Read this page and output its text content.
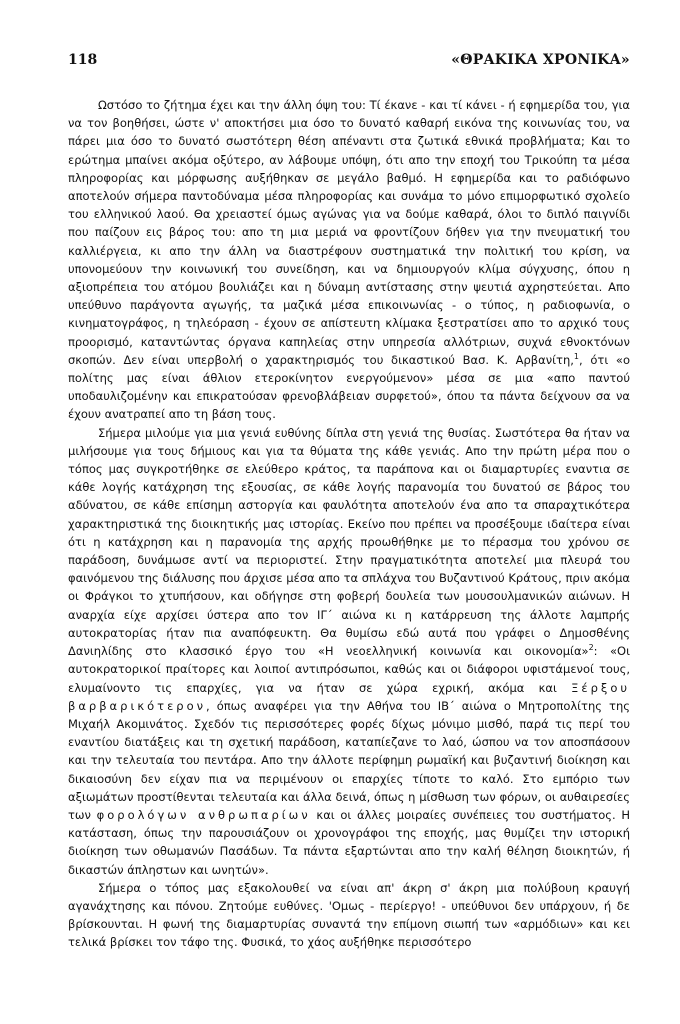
118	«ΘΡΑΚΙΚΑ ΧΡΟΝΙΚΑ»

Ωστόσο το ζήτημα έχει και την άλλη όψη του: Τί έκανε - και τί κάνει - ή εφημερίδα του, για να τον βοηθήσει, ώστε ν' αποκτήσει μια όσο το δυνατό καθαρή εικόνα της κοινωνίας του, να πάρει μια όσο το δυνατό σωστότερη θέση απέναντι στα ζωτικά εθνικά προβλήματα; Και το ερώτημα μπαίνει ακόμα οξύτερο, αν λάβουμε υπόψη, ότι απο την εποχή του Τρικούπη τα μέσα πληροφορίας και μόρφωσης αυξήθηκαν σε μεγάλο βαθμό. Η εφημερίδα και το ραδιόφωνο αποτελούν σήμερα παντοδύναμα μέσα πληροφορίας και συνάμα το μόνο επιμορφωτικό σχολείο του ελληνικού λαού. Θα χρειαστεί όμως αγώνας για να δούμε καθαρά, όλοι το διπλό παιγνίδι που παίζουν εις βάρος του: απο τη μια μεριά να φροντίζουν δήθεν για την πνευματική του καλλιέργεια, κι απο την άλλη να διαστρέφουν συστηματικά την πολιτική του κρίση, να υπονομεύουν την κοινωνική του συνείδηση, και να δημιουργούν κλίμα σύγχυσης, όπου η αξιοπρέπεια του ατόμου βουλιάζει και η δύναμη αντίστασης στην ψευτιά αχρηστεύεται. Απο υπεύθυνο παράγοντα αγωγής, τα μαζικά μέσα επικοινωνίας - ο τύπος, η ραδιοφωνία, ο κινηματογράφος, η τηλεόραση - έχουν σε απίστευτη κλίμακα ξεστρατίσει απο το αρχικό τους προορισμό, καταντώντας όργανα καπηλείας στην υπηρεσία αλλότριων, συχνά εθνοκτόνων σκοπών. Δεν είναι υπερβολή ο χαρακτηρισμός του δικαστικού Βασ. Κ. Αρβανίτη,$^1$, ότι «ο πολίτης μας είναι άθλιον ετεροκίνητον ενεργούμενον» μέσα σε μια «απο παντού υποδαυλιζομένην και επικρατούσαν φρενοβλάβειαν συρφετού», όπου τα πάντα δείχνουν σα να έχουν ανατραπεί απο τη βάση τους.

Σήμερα μιλούμε για μια γενιά ευθύνης δίπλα στη γενιά της θυσίας. Σωστότερα θα ήταν να μιλήσουμε για τους δήμιους και για τα θύματα της κάθε γενιάς. Απο την πρώτη μέρα που ο τόπος μας συγκροτήθηκε σε ελεύθερο κράτος, τα παράπονα και οι διαμαρτυρίες εναντια σε κάθε λογής κατάχρηση της εξουσίας, σε κάθε λογής παρανομία του δυνατού σε βάρος του αδύνατου, σε κάθε επίσημη αστοργία και φαυλότητα αποτελούν ένα απο τα σπαραχτικότερα χαρακτηριστικά της διοικητικής μας ιστορίας. Εκείνο που πρέπει να προσέξουμε ιδαίτερα είναι ότι η κατάχρηση και η παρανομία της αρχής προωθήθηκε με το πέρασμα του χρόνου σε παράδοση, δυνάμωσε αντί να περιοριστεί. Στην πραγματικότητα αποτελεί μια πλευρά του φαινόμενου της διάλυσης που άρχισε μέσα απο τα σπλάχνα του Βυζαντινού Κράτους, πριν ακόμα οι Φράγκοι το χτυπήσουν, και οδήγησε στη φοβερή δουλεία των μουσουλμανικών αιώνων. Η αναρχία είχε αρχίσει ύστερα απο τον ΙΓ΄ αιώνα κι η κατάρρευση της άλλοτε λαμπρής αυτοκρατορίας ήταν πια αναπόφευκτη. Θα θυμίσω εδώ αυτά που γράφει ο Δημοσθένης Δανιηλίδης στο κλασσικό έργο του «Η νεοελληνική κοινωνία και οικονομία»$^2$: «Οι αυτοκρατορικοί πραίτορες και λοιποί αντιπρόσωποι, καθώς και οι διάφοροι υφιστάμενοί τους, ελυμαίνοντο τις επαρχίες, για να ήταν σε χώρα εχρική, ακόμα και Ξέρξου βαρβαρικότερον, όπως αναφέρει για την Αθήνα του ΙΒ΄ αιώνα ο Μητροπολίτης της Μιχαήλ Ακομινάτος. Σχεδόν τις περισσότερες φορές δίχως μόνιμο μισθό, παρά τις περί του εναντίου διατάξεις και τη σχετική παράδοση, καταπίεζανε το λαό, ώσπου να τον αποσπάσουν και την τελευταία του πεντάρα. Απο την άλλοτε περίφημη ρωμαϊκή και βυζαντινή διοίκηση και δικαιοσύνη δεν είχαν πια να περιμένουν οι επαρχίες τίποτε το καλό. Στο εμπόριο των αξιωμάτων προστίθενται τελευταία και άλλα δεινά, όπως η μίσθωση των φόρων, οι αυθαιρεσίες των φορολόγων ανθρωπαρίων και οι άλλες μοιραίες συνέπειες του συστήματος. Η κατάσταση, όπως την παρουσιάζουν οι χρονογράφοι της εποχής, μας θυμίζει την ιστορική διοίκηση των οθωμανών Πασάδων. Τα πάντα εξαρτώνται απο την καλή θέληση διοικητών, ή δικαστών άπληστων και ωνητών».

Σήμερα ο τόπος μας εξακολουθεί να είναι απ' άκρη σ' άκρη μια πολύβουη κραυγή αγανάχτησης και πόνου. Ζητούμε ευθύνες. 'Ομως - περίεργο! - υπεύθυνοι δεν υπάρχουν, ή δε βρίσκουνται. Η φωνή της διαμαρτυρίας συναντά την επίμονη σιωπή των «αρμόδιων» και κει τελικά βρίσκει τον τάφο της. Φυσικά, το χάος αυξήθηκε περισσότερο
